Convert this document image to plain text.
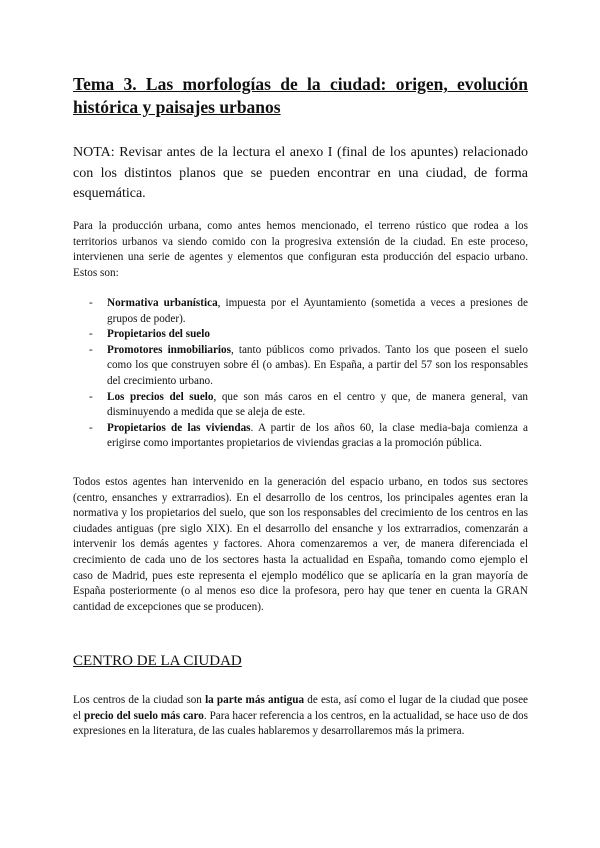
Tema 3. Las morfologías de la ciudad: origen, evolución histórica y paisajes urbanos

NOTA: Revisar antes de la lectura el anexo I (final de los apuntes) relacionado con los distintos planos que se pueden encontrar en una ciudad, de forma esquemática.

Para la producción urbana, como antes hemos mencionado, el terreno rústico que rodea a los territorios urbanos va siendo comido con la progresiva extensión de la ciudad. En este proceso, intervienen una serie de agentes y elementos que configuran esta producción del espacio urbano. Estos son:

- Normativa urbanística, impuesta por el Ayuntamiento (sometida a veces a presiones de grupos de poder).
- Propietarios del suelo
- Promotores inmobiliarios, tanto públicos como privados. Tanto los que poseen el suelo como los que construyen sobre él (o ambas). En España, a partir del 57 son los responsables del crecimiento urbano.
- Los precios del suelo, que son más caros en el centro y que, de manera general, van disminuyendo a medida que se aleja de este.
- Propietarios de las viviendas. A partir de los años 60, la clase media-baja comienza a erigirse como importantes propietarios de viviendas gracias a la promoción pública.

Todos estos agentes han intervenido en la generación del espacio urbano, en todos sus sectores (centro, ensanches y extrarradios). En el desarrollo de los centros, los principales agentes eran la normativa y los propietarios del suelo, que son los responsables del crecimiento de los centros en las ciudades antiguas (pre siglo XIX). En el desarrollo del ensanche y los extrarradios, comenzarán a intervenir los demás agentes y factores. Ahora comenzaremos a ver, de manera diferenciada el crecimiento de cada uno de los sectores hasta la actualidad en España, tomando como ejemplo el caso de Madrid, pues este representa el ejemplo modélico que se aplicaría en la gran mayoría de España posteriormente (o al menos eso dice la profesora, pero hay que tener en cuenta la GRAN cantidad de excepciones que se producen).

CENTRO DE LA CIUDAD

Los centros de la ciudad son la parte más antigua de esta, así como el lugar de la ciudad que posee el precio del suelo más caro. Para hacer referencia a los centros, en la actualidad, se hace uso de dos expresiones en la literatura, de las cuales hablaremos y desarrollaremos más la primera.
